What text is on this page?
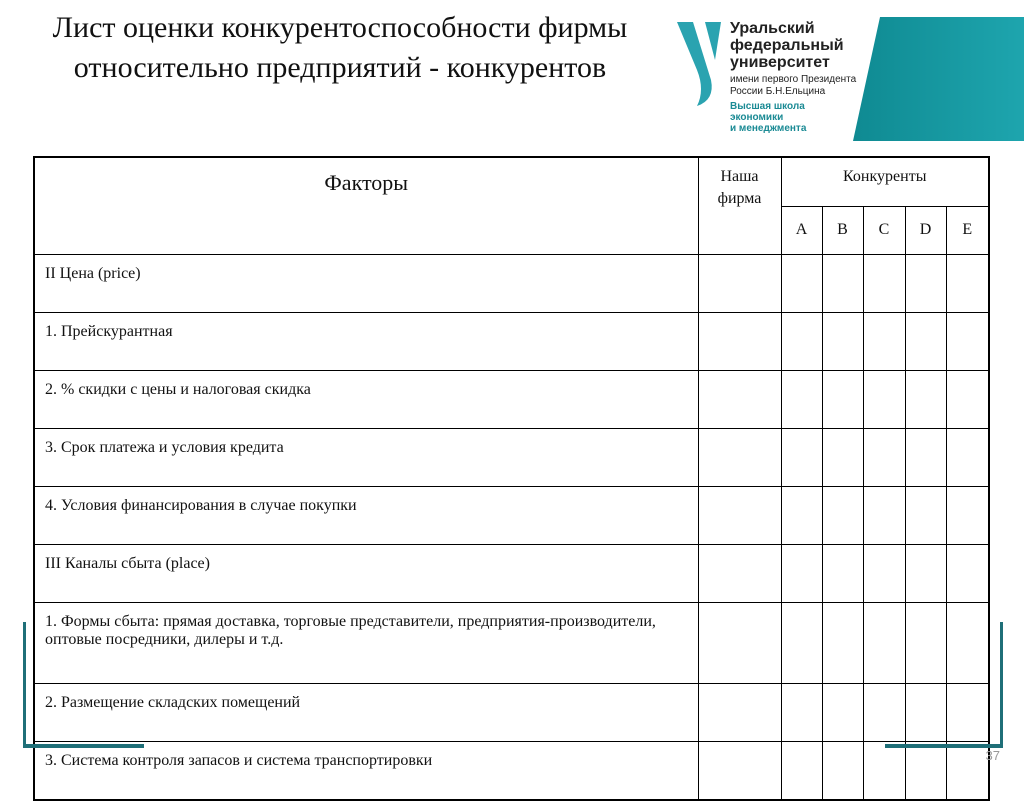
Лист оценки конкурентоспособности фирмы относительно предприятий - конкурентов
Уральский
федеральный
университет
имени первого Президента
России Б.Н.Ельцина
Высшая школа
экономики
и менеджмента
Факторы	Наша фирма	Конкуренты				
		A	B	C	D	E
II Цена (price)						
1. Прейскурантная						
2. % скидки с цены и налоговая скидка						
3. Срок платежа и условия кредита						
4. Условия финансирования в случае покупки						
III Каналы сбыта (place)						
1. Формы сбыта: прямая доставка, торговые представители, предприятия-производители, оптовые посредники, дилеры и т.д.						
2. Размещение складских помещений						
3. Система контроля запасов и система транспортировки							37
